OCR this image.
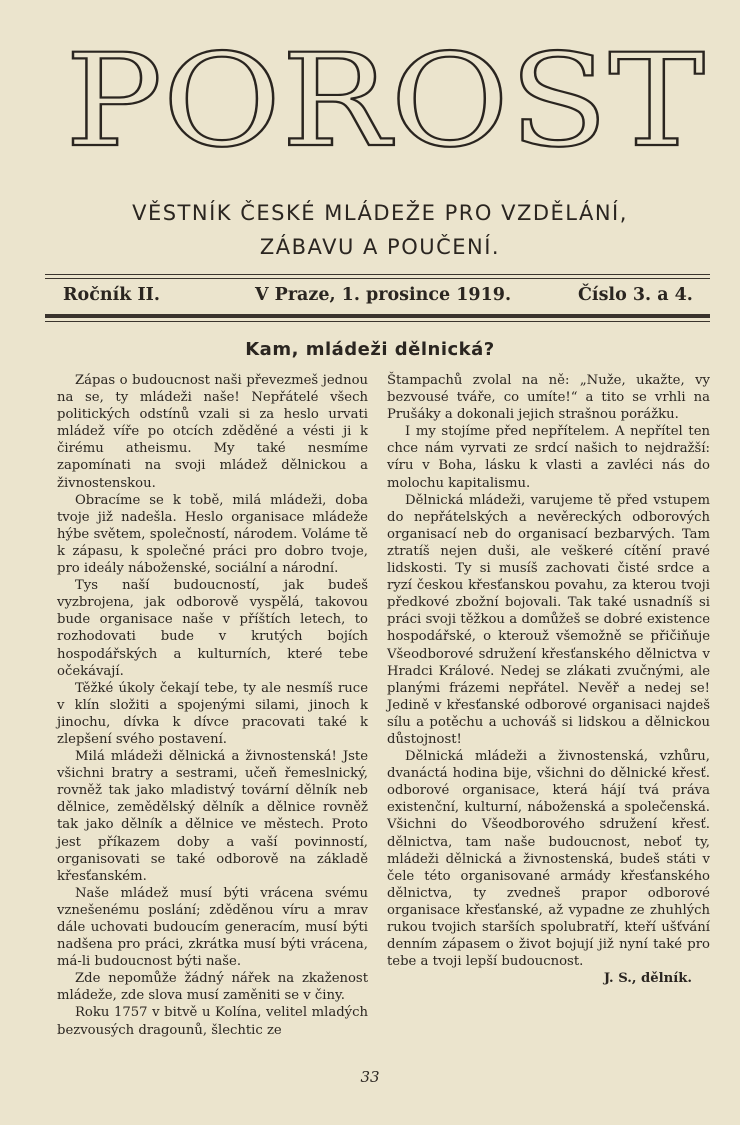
POROST
VĚSTNÍK ČESKÉ MLÁDEŽE PRO VZDĚLÁNÍ,
ZÁBAVU A POUČENÍ.
Ročník II.	V Praze, 1. prosince 1919.	Číslo 3. a 4.
Kam, mládeži dělnická?

Zápas o budoucnost naši převezmeš jednou na se, ty mládeži naše! Nepřátelé všech politických odstínů vzali si za heslo urvati mládež víře po otcích zděděné a vésti ji k čirému atheismu. My také nesmíme zapomínati na svoji mládež dělnickou a živnostenskou.

Obracíme se k tobě, milá mládeži, doba tvoje již nadešla. Heslo organisace mládeže hýbe světem, společností, národem. Voláme tě k zápasu, k společné práci pro dobro tvoje, pro ideály náboženské, sociální a národní.

Tys naší budoucností, jak budeš vyzbrojena, jak odborově vyspělá, takovou bude organisace naše v příštích letech, to rozhodovati bude v krutých bojích hospodářských a kulturních, které tebe očekávají.

Těžké úkoly čekají tebe, ty ale nesmíš ruce v klín složiti a spojenými silami, jinoch k jinochu, dívka k dívce pracovati také k zlepšení svého postavení.

Milá mládeži dělnická a živnostenská! Jste všichni bratry a sestrami, učeň řemeslnický, rovněž tak jako mladistvý tovární dělník neb dělnice, zemědělský dělník a dělnice rovněž tak jako dělník a dělnice ve městech. Proto jest příkazem doby a vaší povinností, organisovati se také odborově na základě křesťanském.

Naše mládež musí býti vrácena svému vznešenému poslání; zděděnou víru a mrav dále uchovati budoucím generacím, musí býti nadšena pro práci, zkrátka musí býti vrácena, má-li budoucnost býti naše.

Zde nepomůže žádný nářek na zkaženost mládeže, zde slova musí zaměniti se v činy.

Roku 1757 v bitvě u Kolína, velitel mladých bezvousých dragounů, šlechtic ze

Štampachů zvolal na ně: „Nuže, ukažte, vy bezvousé tváře, co umíte!“ a tito se vrhli na Prušáky a dokonali jejich strašnou porážku.

I my stojíme před nepřítelem. A nepřítel ten chce nám vyrvati ze srdcí našich to nejdražší: víru v Boha, lásku k vlasti a zavléci nás do molochu kapitalismu.

Dělnická mládeži, varujeme tě před vstupem do nepřátelských a nevěreckých odborových organisací neb do organisací bezbarvých. Tam ztratíš nejen duši, ale veškeré cítění pravé lidskosti. Ty si musíš zachovati čisté srdce a ryzí českou křesťanskou povahu, za kterou tvoji předkové zbožní bojovali. Tak také usnadníš si práci svoji těžkou a domůžeš se dobré existence hospodářské, o kterouž všemožně se přičiňuje Všeodborové sdružení křesťanského dělnictva v Hradci Králové. Nedej se zlákati zvučnými, ale planými frázemi nepřátel. Nevěř a nedej se! Jedině v křesťanské odborové organisaci najdeš sílu a potěchu a uchováš si lidskou a dělnickou důstojnost!

Dělnická mládeži a živnostenská, vzhůru, dvanáctá hodina bije, všichni do dělnické křesť. odborové organisace, která hájí tvá práva existenční, kulturní, náboženská a společenská. Všichni do Všeodborového sdružení křesť. dělnictva, tam naše budoucnost, neboť ty, mládeži dělnická a živnostenská, budeš státi v čele této organisované armády křesťanského dělnictva, ty zvedneš prapor odborové organisace křesťanské, až vypadne ze zhuhlých rukou tvojich starších spolubratří, kteří ušťvání denním zápasem o život bojují již nyní také pro tebe a tvoji lepší budoucnost.

J. S., dělník.

33
